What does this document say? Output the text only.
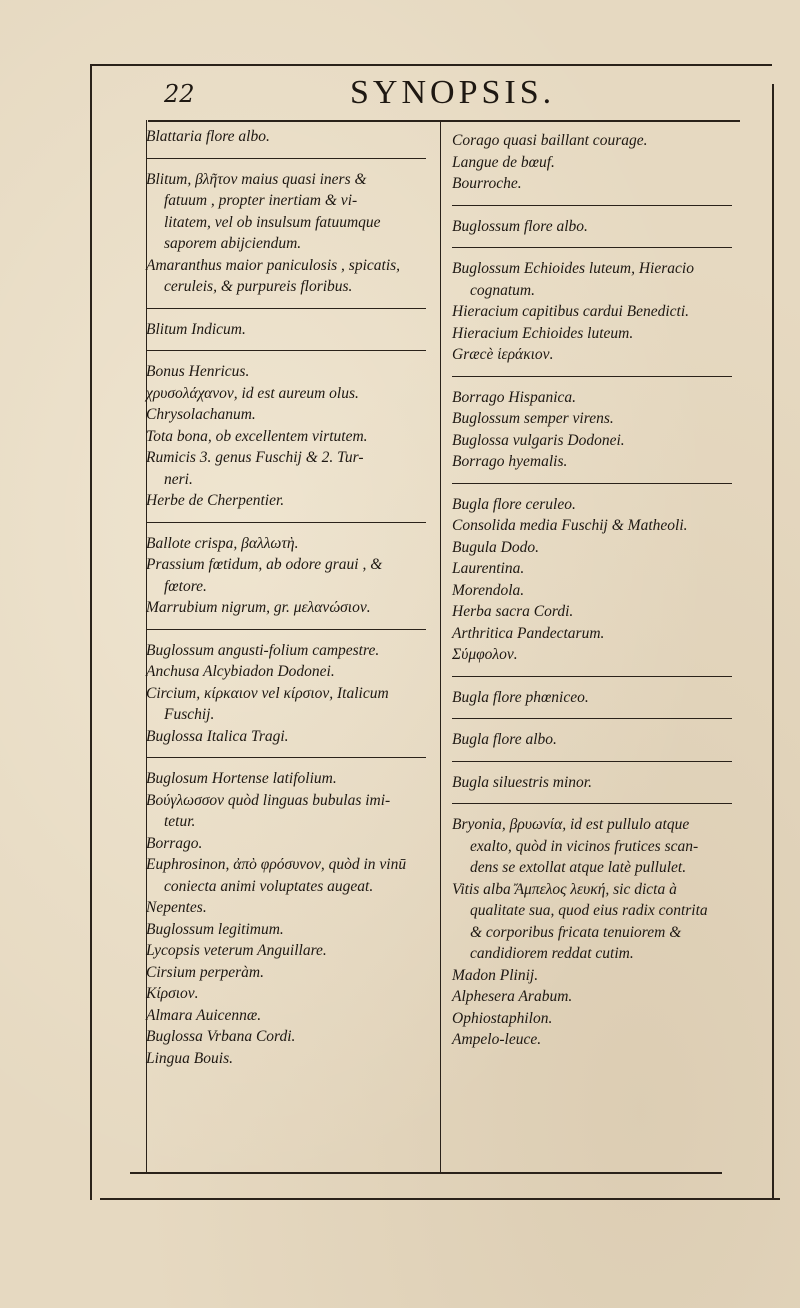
22	SYNOPSIS.
Blattaria flore albo.
Blitum, βλῆτον maius quasi iners &
fatuum , propter inertiam & vi-
litatem, vel ob insulsum fatuumque
saporem abijciendum.
Amaranthus maior paniculosis , spicatis,
ceruleis, & purpureis floribus.
Blitum Indicum.
Bonus Henricus.
χρυσολάχανον, id est aureum olus.
Chrysolachanum.
Tota bona, ob excellentem virtutem.
Rumicis 3. genus Fuschij & 2. Tur-
neri.
Herbe de Cherpentier.
Ballote crispa, βαλλωτὴ.
Prassium fœtidum, ab odore graui , &
fœtore.
Marrubium nigrum, gr. μελανώσιον.
Buglossum angusti-folium campestre.
Anchusa Alcybiadon Dodonei.
Circium, κίρκαιον vel κίρσιον, Italicum
Fuschij.
Buglossa Italica Tragi.
Buglosum Hortense latifolium.
Βούγλωσσον quòd linguas bubulas imi-
tetur.
Borrago.
Euphrosinon, ἀπὸ φρόσυνον, quòd in vinū
coniecta animi voluptates augeat.
Nepentes.
Buglossum legitimum.
Lycopsis veterum Anguillare.
Cirsium perperàm.
Κίρσιον.
Almara Auicennæ.
Buglossa Vrbana Cordi.
Lingua Bouis.
Corago quasi baillant courage.
Langue de bœuf.
Bourroche.
Buglossum flore albo.
Buglossum Echioides luteum, Hieracio
cognatum.
Hieracium capitibus cardui Benedicti.
Hieracium Echioides luteum.
Græcè ἱεράκιον.
Borrago Hispanica.
Buglossum semper virens.
Buglossa vulgaris Dodonei.
Borrago hyemalis.
Bugla flore ceruleo.
Consolida media Fuschij & Matheoli.
Bugula Dodo.
Laurentina.
Morendola.
Herba sacra Cordi.
Arthritica Pandectarum.
Σύμφολον.
Bugla flore phœniceo.
Bugla flore albo.
Bugla siluestris minor.
Bryonia, βρυωνία, id est pullulo atque
exalto, quòd in vicinos frutices scan-
dens se extollat atque latè pullulet.
Vitis alba Ἄμπελος λευκή, sic dicta à
qualitate sua, quod eius radix contrita
& corporibus fricata tenuiorem &
candidiorem reddat cutim.
Madon Plinij.
Alphesera Arabum.
Ophiostaphilon.
Ampelo-leuce.
